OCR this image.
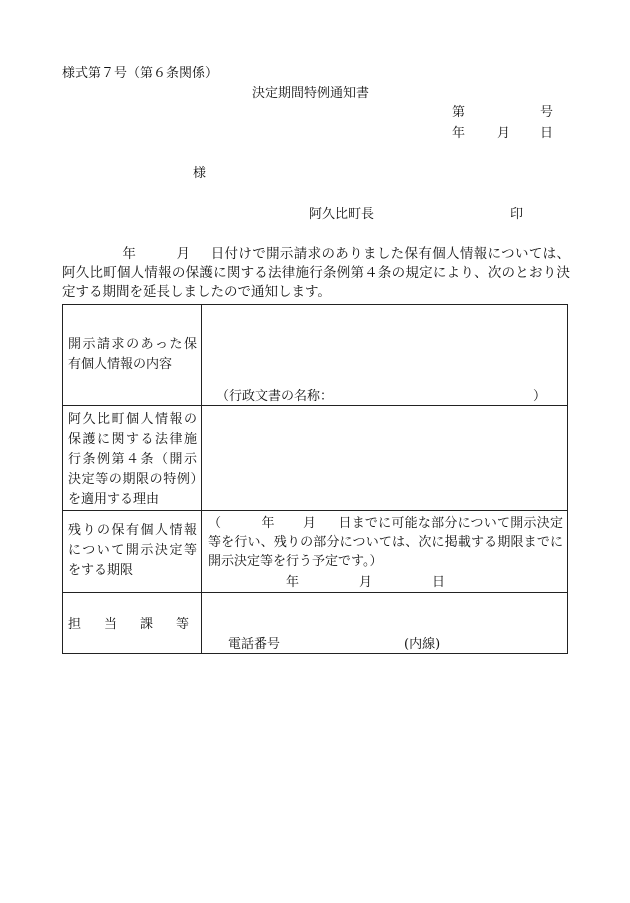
様式第７号（第６条関係）
決定期間特例通知書
第	号
年 月 日
様
阿久比町長	印
年	月 日付けで開示請求のありました保有個人情報については、阿久比町個人情報の保護に関する法律施行条例第４条の規定により、次のとおり決定する期間を延長しましたので通知します。
開示請求のあった保有個人情報の内容	（行政文書の名称： ）

阿久比町個人情報の保護に関する法律施行条例第４条（開示決定等の期限の特例）を適用する理由	

残りの保有個人情報について開示決定等をする期限	（ 年 月 日までに可能な部分について開示決定等を行い、残りの部分については、次に掲載する期限までに開示決定等を行う予定です。）
年 月 日

担 当 課 等	電話番号 (内線)
